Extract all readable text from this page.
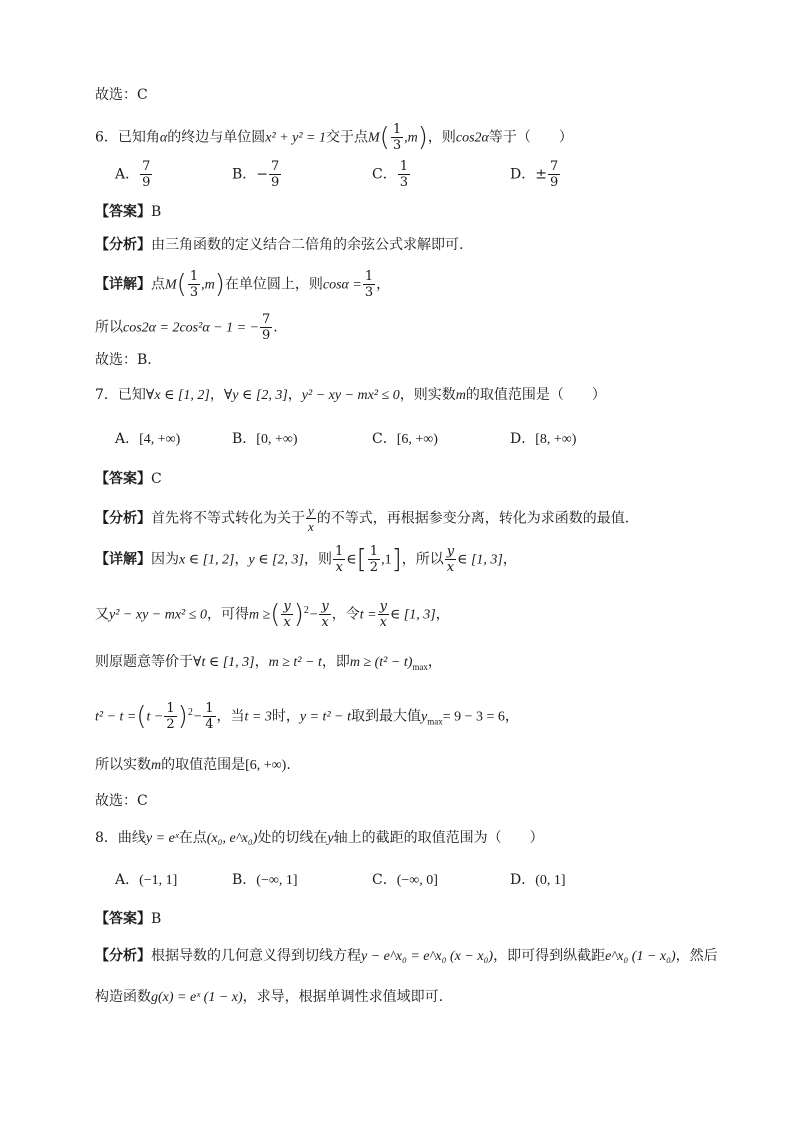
故选：C
6．已知角α的终边与单位圆x² + y² = 1交于点$M( \frac{1}{3} ,m)$，则cos2α等于（　　）
A． $\frac{7}{9}$	B．− $\frac{7}{9}$	C． $\frac{1}{3}$	D．± $\frac{7}{9}$
【答案】B
【分析】由三角函数的定义结合二倍角的余弦公式求解即可.
【详解】点$M( \frac{1}{3} ,m)$在单位圆上，则$\cos\alpha = \frac{1}{3}$ ，
所以cos2α = 2cos²α − 1 = − $\frac{7}{9}$ .
故选：B.
7．已知∀x ∈ [1, 2]，∀y ∈ [2, 3]，y² − xy − mx² ≤ 0，则实数m的取值范围是（　　）
A．[4, +∞)	B．[0, +∞)	C．[6, +∞)	D．[8, +∞)
【答案】C
【分析】首先将不等式转化为关于 $\frac{y}{x}$ 的不等式，再根据参变分离，转化为求函数的最值.
【详解】因为x ∈ [1, 2]，y ∈ [2, 3]，则 $\frac{1}{x}$ ∈[ $\frac{1}{2} ,1$]，所以 $\frac{y}{x}$ ∈ [1, 3]，
又y² − xy − mx² ≤ 0，可得m ≥( $\frac{y}{x} )^2- \frac{y}{x}$ ，令$t = \frac{y}{x}$ ∈ [1, 3]，
则原题意等价于∀t ∈ [1, 3]，m ≥ t² − t，即$m \ge (t^2 - t)_{max}$，
$t^2 - t =(t - \frac{1}{2} )^2- \frac{1}{4}$ ，当t = 3时，y = t² − t取到最大值$y_{max}= 9 - 3 = 6$，
所以实数m的取值范围是[6, +∞).
故选：C
8．曲线y = eˣ在点(x₀, e^x₀)处的切线在y轴上的截距的取值范围为（　　）
A．(−1, 1]	B．(−∞, 1]	C．(−∞, 0]	D．(0, 1]
【答案】B
【分析】根据导数的几何意义得到切线方程y − e^x₀ = e^x₀ (x − x₀)，即可得到纵截距e^x₀ (1 − x₀)，然后
构造函数g(x) = eˣ (1 − x)，求导，根据单调性求值域即可.
